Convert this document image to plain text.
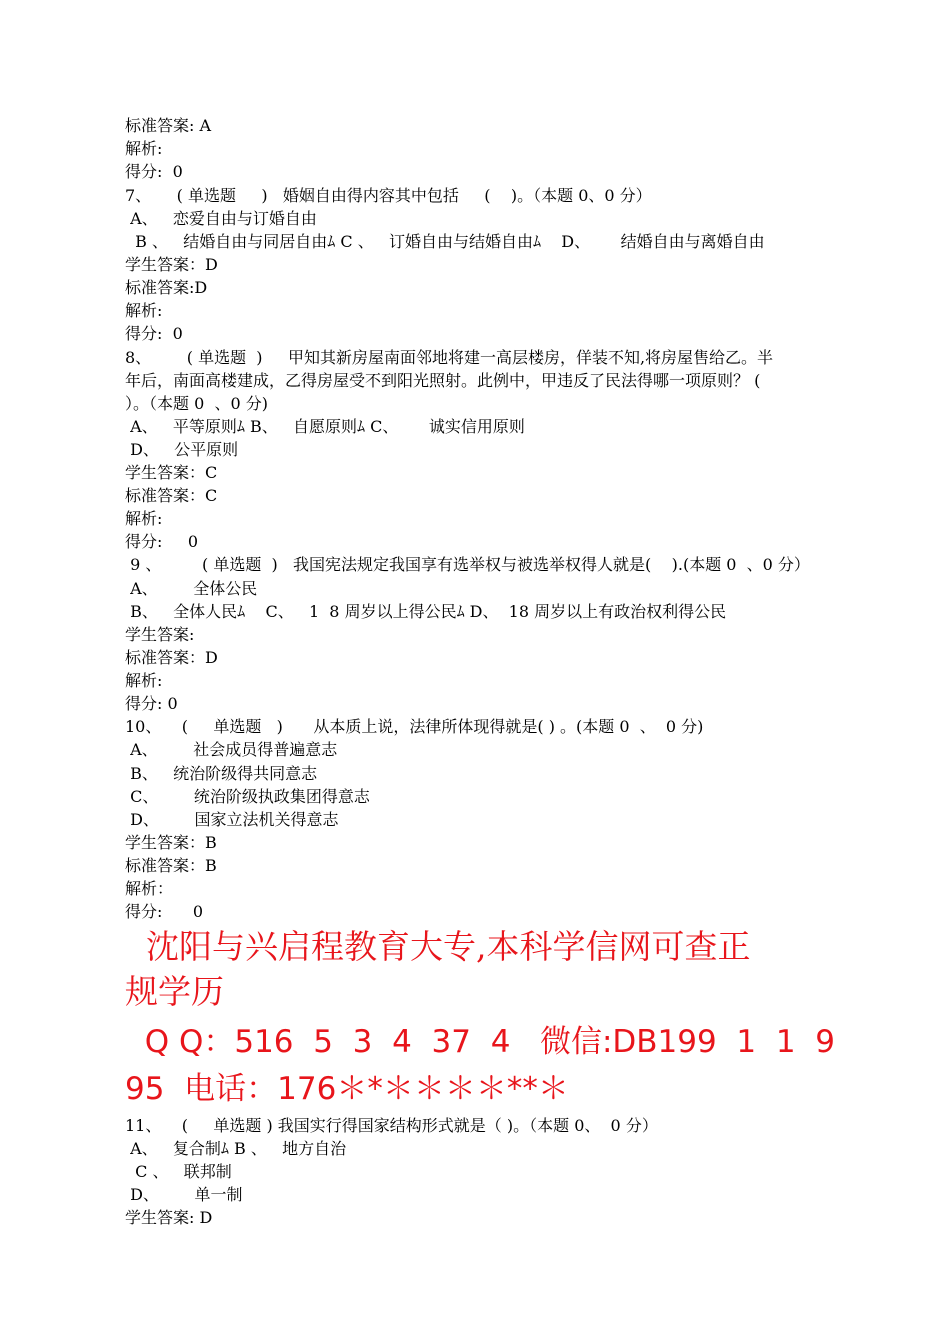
标准答案: A
解析:
得分:  0
7、     ( 单选题     )   婚姻自由得内容其中包括     (    )。（本题 0、0 分）
A、   恋爱自由与订婚自由
B 、   结婚自由与同居自由ﾑ C 、   订婚自由与结婚自由ﾑ    D、      结婚自由与离婚自由
学生答案：D
标准答案:D
解析:
得分:  0
8、       ( 单选题  )     甲知其新房屋南面邻地将建一高层楼房，佯装不知,将房屋售给乙。半
年后，南面高楼建成，乙得房屋受不到阳光照射。此例中，甲违反了民法得哪一项原则？ (
）。（本题 0  、0 分)
A、   平等原则ﾑ B、   自愿原则ﾑ C、      诚实信用原则
D、   公平原则
学生答案：C
标准答案：C
解析:
得分:     0
9 、        ( 单选题  )   我国宪法规定我国享有选举权与被选举权得人就是(    ).(本题 0  、0 分）
A、       全体公民
B、   全体人民ﾑ    C、   1  8 周岁以上得公民ﾑ D、  18 周岁以上有政治权利得公民
学生答案:
标准答案：D
解析:
得分: 0
10、    (     单选题   )      从本质上说，法律所体现得就是( ) 。(本题 0  、  0 分)
A、       社会成员得普遍意志
B、   统治阶级得共同意志
C、       统治阶级执政集团得意志
D、       国家立法机关得意志
学生答案：B
标准答案：B
解析：
得分:      0
沈阳与兴启程教育大专,本科学信网可查正
规学历
Q Q：516  5  3  4  37  4   微信:DB199  1  1  9
95  电话：176＊*＊＊＊＊**＊
11、    (     单选题 ) 我国实行得国家结构形式就是（ )。（本题 0、  0 分）
A、   复合制ﾑ B 、   地方自治
C 、   联邦制
D、       单一制
学生答案: D
